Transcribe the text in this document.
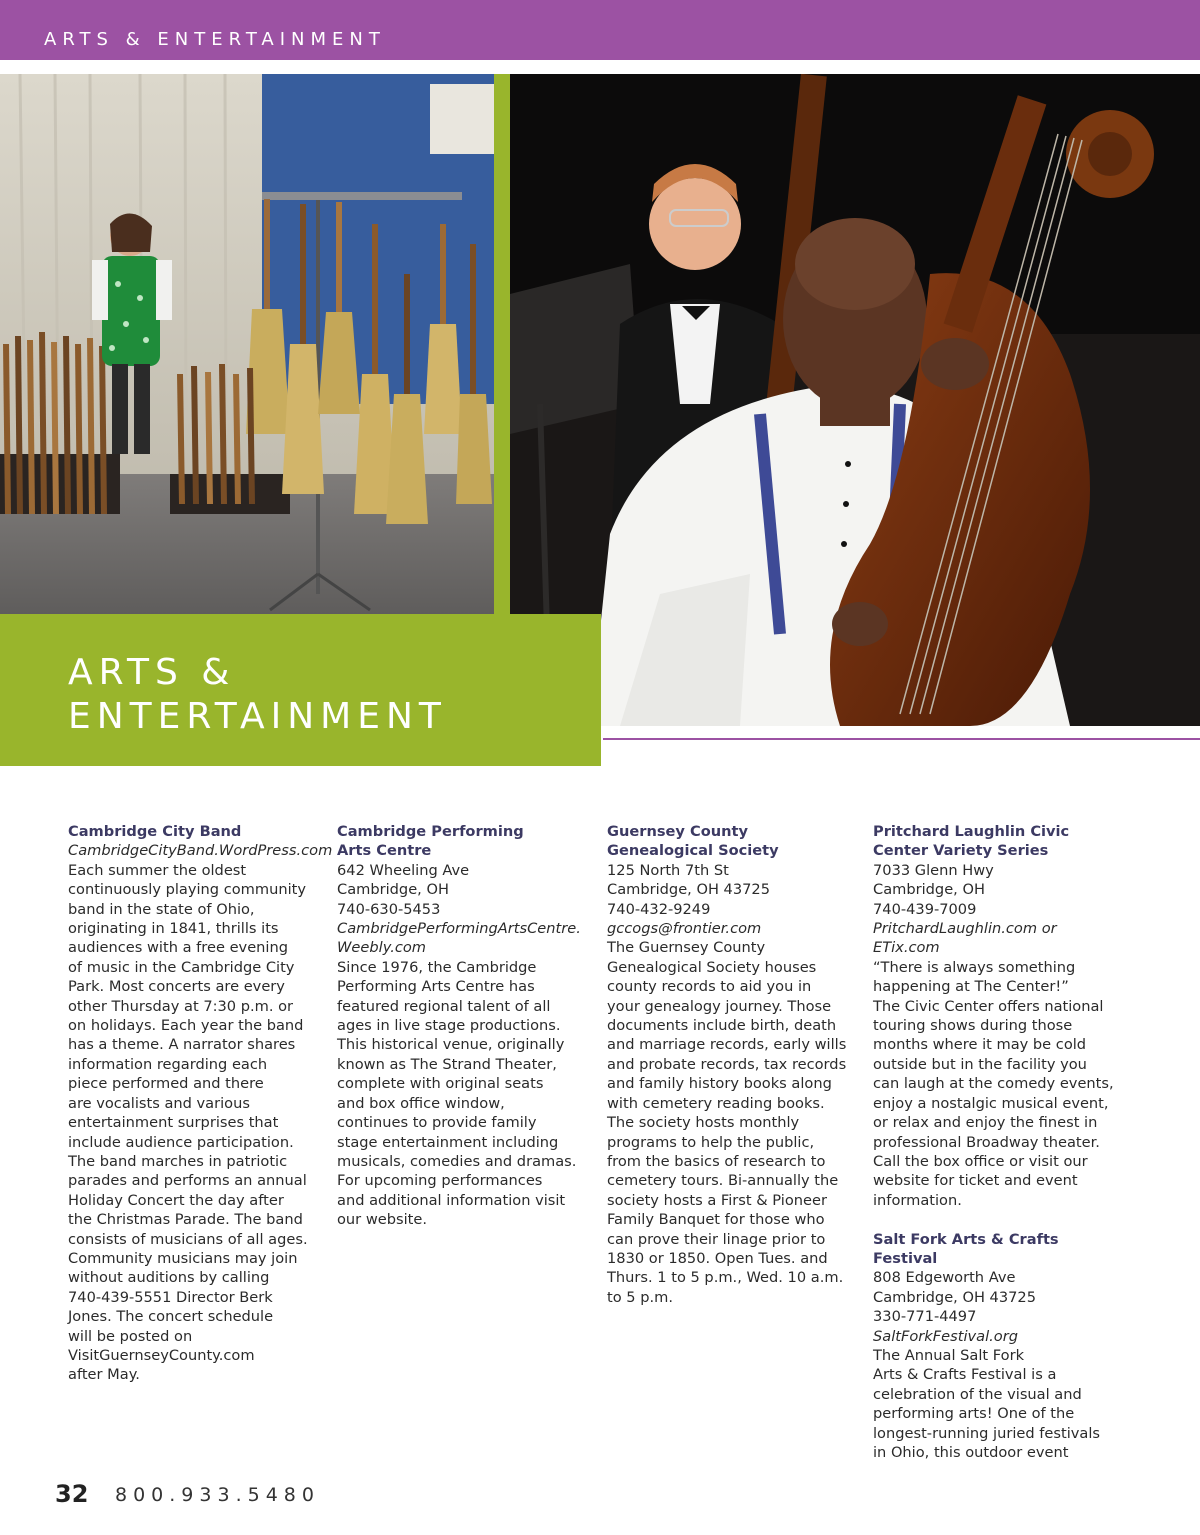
ARTS & ENTERTAINMENT
ARTS &
ENTERTAINMENT
Cambridge City Band
CambridgeCityBand.WordPress.com
Each summer the oldest
continuously playing community
band in the state of Ohio,
originating in 1841, thrills its
audiences with a free evening
of music in the Cambridge City
Park. Most concerts are every
other Thursday at 7:30 p.m. or
on holidays. Each year the band
has a theme. A narrator shares
information regarding each
piece performed and there
are vocalists and various
entertainment surprises that
include audience participation.
The band marches in patriotic
parades and performs an annual
Holiday Concert the day after
the Christmas Parade. The band
consists of musicians of all ages.
Community musicians may join
without auditions by calling
740-439-5551 Director Berk
Jones. The concert schedule
will be posted on
VisitGuernseyCounty.com
after May.
Cambridge Performing
Arts Centre
642 Wheeling Ave
Cambridge, OH
740-630-5453
CambridgePerformingArtsCentre.
Weebly.com
Since 1976, the Cambridge
Performing Arts Centre has
featured regional talent of all
ages in live stage productions.
This historical venue, originally
known as The Strand Theater,
complete with original seats
and box office window,
continues to provide family
stage entertainment including
musicals, comedies and dramas.
For upcoming performances
and additional information visit
our website.
Guernsey County
Genealogical Society
125 North 7th St
Cambridge, OH 43725
740-432-9249
gccogs@frontier.com
The Guernsey County
Genealogical Society houses
county records to aid you in
your genealogy journey. Those
documents include birth, death
and marriage records, early wills
and probate records, tax records
and family history books along
with cemetery reading books.
The society hosts monthly
programs to help the public,
from the basics of research to
cemetery tours. Bi-annually the
society hosts a First & Pioneer
Family Banquet for those who
can prove their linage prior to
1830 or 1850. Open Tues. and
Thurs. 1 to 5 p.m., Wed. 10 a.m.
to 5 p.m.
Pritchard Laughlin Civic
Center Variety Series
7033 Glenn Hwy
Cambridge, OH
740-439-7009
PritchardLaughlin.com or
ETix.com
“There is always something
happening at The Center!”
The Civic Center offers national
touring shows during those
months where it may be cold
outside but in the facility you
can laugh at the comedy events,
enjoy a nostalgic musical event,
or relax and enjoy the finest in
professional Broadway theater.
Call the box office or visit our
website for ticket and event
information.
Salt Fork Arts & Crafts Festival
808 Edgeworth Ave
Cambridge, OH 43725
330-771-4497
SaltForkFestival.org
The Annual Salt Fork
Arts & Crafts Festival is a
celebration of the visual and
performing arts! One of the
longest-running juried festivals
in Ohio, this outdoor event
32 800.933.5480
